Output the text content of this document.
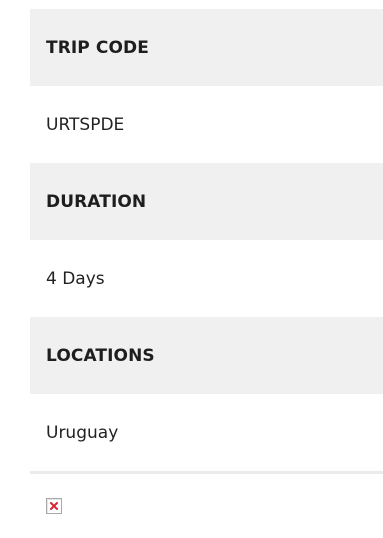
TRIP CODE
URTSPDE
DURATION
4 Days
LOCATIONS
Uruguay
